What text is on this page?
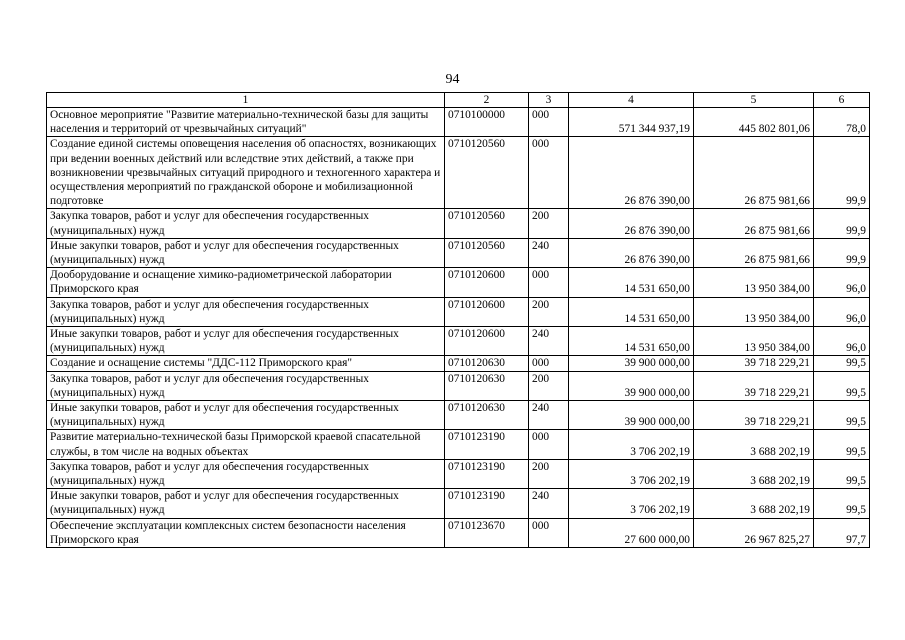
94
1	2	3	4	5	6
Основное мероприятие "Развитие материально-технической базы для защиты населения и территорий от чрезвычайных ситуаций"	0710100000	000	571 344 937,19	445 802 801,06	78,0
Создание единой системы оповещения населения об опасностях, возникающих при ведении военных действий или вследствие этих действий, а также при возникновении чрезвычайных ситуаций природного и техногенного характера и осуществления мероприятий по гражданской обороне и мобилизационной подготовке	0710120560	000	26 876 390,00	26 875 981,66	99,9
Закупка товаров, работ и услуг для обеспечения государственных (муниципальных) нужд	0710120560	200	26 876 390,00	26 875 981,66	99,9
Иные закупки товаров, работ и услуг для обеспечения государственных (муниципальных) нужд	0710120560	240	26 876 390,00	26 875 981,66	99,9
Дооборудование и оснащение химико-радиометрической лаборатории Приморского края	0710120600	000	14 531 650,00	13 950 384,00	96,0
Закупка товаров, работ и услуг для обеспечения государственных (муниципальных) нужд	0710120600	200	14 531 650,00	13 950 384,00	96,0
Иные закупки товаров, работ и услуг для обеспечения государственных (муниципальных) нужд	0710120600	240	14 531 650,00	13 950 384,00	96,0
Создание и оснащение системы "ДДС-112 Приморского края"	0710120630	000	39 900 000,00	39 718 229,21	99,5
Закупка товаров, работ и услуг для обеспечения государственных (муниципальных) нужд	0710120630	200	39 900 000,00	39 718 229,21	99,5
Иные закупки товаров, работ и услуг для обеспечения государственных (муниципальных) нужд	0710120630	240	39 900 000,00	39 718 229,21	99,5
Развитие материально-технической базы Приморской краевой спасательной службы, в том числе на водных объектах	0710123190	000	3 706 202,19	3 688 202,19	99,5
Закупка товаров, работ и услуг для обеспечения государственных (муниципальных) нужд	0710123190	200	3 706 202,19	3 688 202,19	99,5
Иные закупки товаров, работ и услуг для обеспечения государственных (муниципальных) нужд	0710123190	240	3 706 202,19	3 688 202,19	99,5
Обеспечение эксплуатации комплексных систем безопасности населения Приморского края	0710123670	000	27 600 000,00	26 967 825,27	97,7
